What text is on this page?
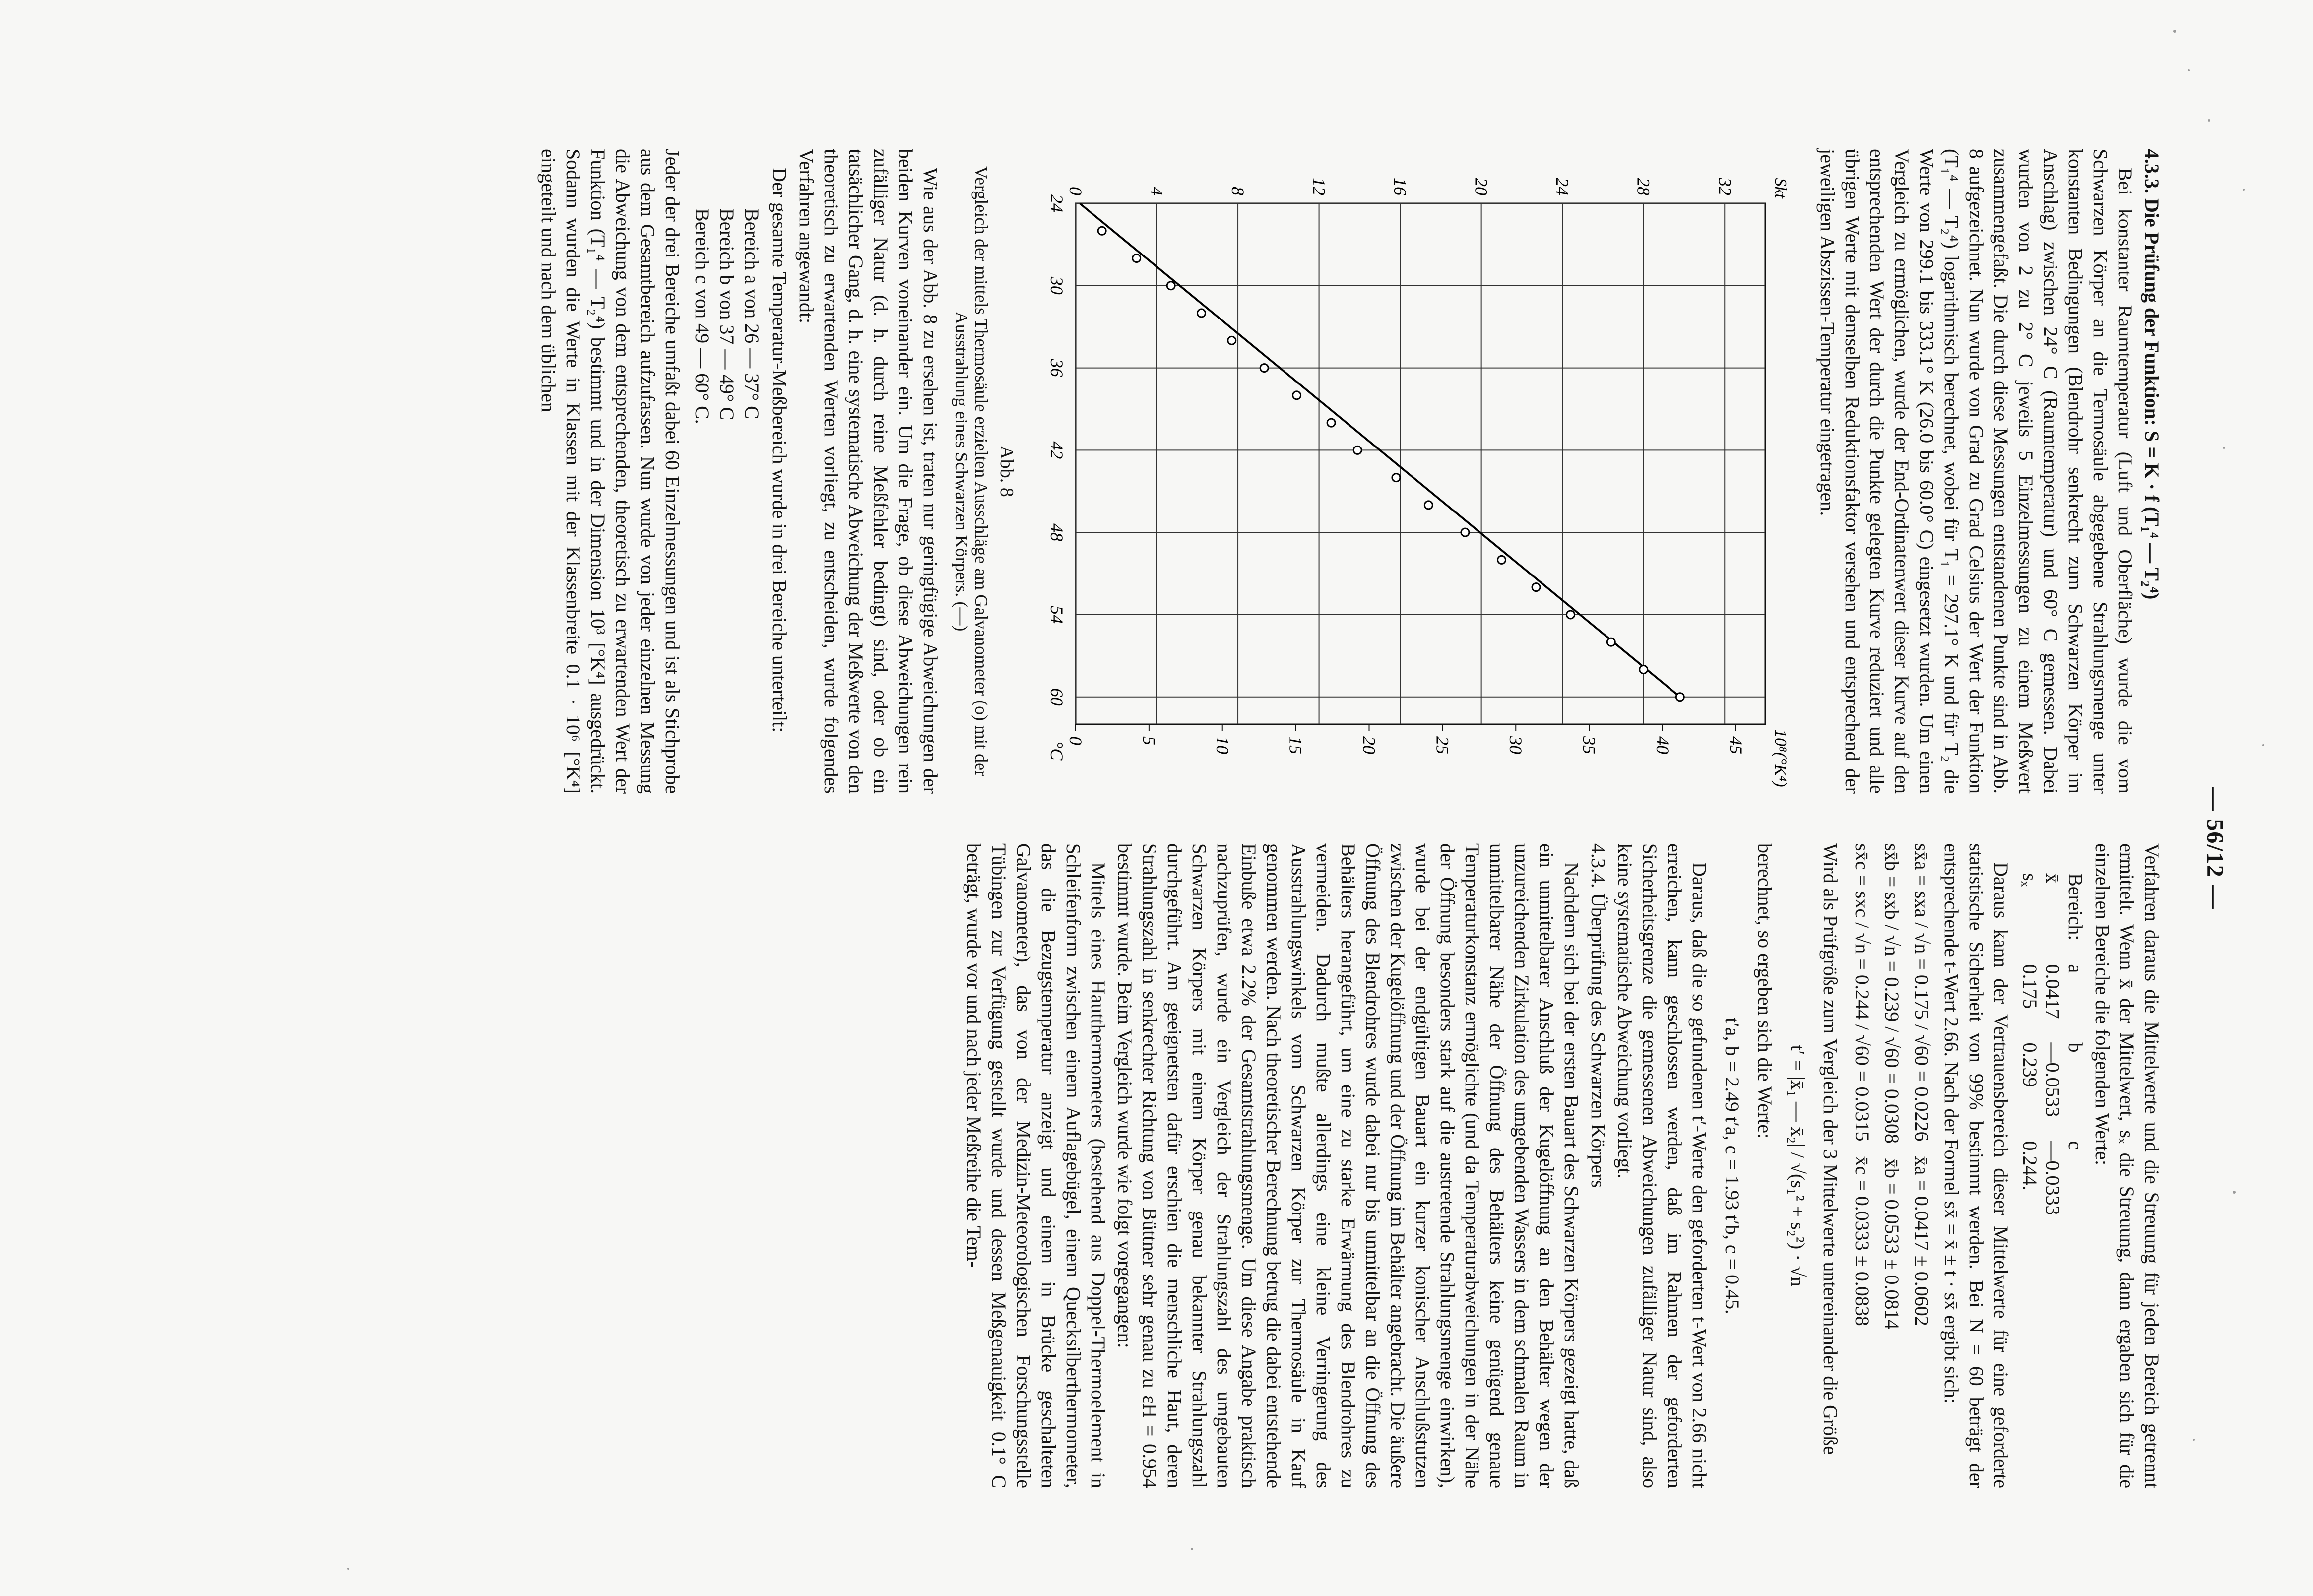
— 56/12 —

4.3.3. Die Prüfung der Funktion: S = K · f (T₁⁴ — T₂⁴)

Bei konstanter Raumtemperatur (Luft und Oberfläche) wurde die vom Schwarzen Körper an die Termosäule abgegebene Strahlungsmenge unter konstanten Bedingungen (Blendrohr senkrecht zum Schwarzen Körper im Anschlag) zwischen 24° C (Raumtemperatur) und 60° C gemessen. Dabei wurden von 2 zu 2° C jeweils 5 Einzelmessungen zu einem Meßwert zusammengefaßt. Die durch diese Messungen entstandenen Punkte sind in Abb. 8 aufgezeichnet. Nun wurde von Grad zu Grad Celsius der Wert der Funktion (T₁⁴ — T₂⁴) logarithmisch berechnet, wobei für T₁ = 297.1° K und für T₂ die Werte von 299.1 bis 333.1° K (26.0 bis 60.0° C) eingesetzt wurden. Um einen Vergleich zu ermöglichen, wurde der End-Ordinatenwert dieser Kurve auf den entsprechenden Wert der durch die Punkte gelegten Kurve reduziert und alle übrigen Werte mit demselben Reduktionsfaktor versehen und entsprechend der jeweiligen Abszissen-Temperatur eingetragen.

24
30
36
42
48
54
60
0	4	8	12	16	20	24	28	32
0	5	10	15	20	25	30	35	40	45
Skt
10⁸(°K⁴)
°C
Abb. 8
Vergleich der mittels Thermosäule erzielten Ausschläge am Galvanometer (o) mit der Ausstrahlung eines Schwarzen Körpers. (—)

Wie aus der Abb. 8 zu ersehen ist, traten nur geringfügige Abweichungen der beiden Kurven voneinander ein. Um die Frage, ob diese Abweichungen rein zufälliger Natur (d. h. durch reine Meßfehler bedingt) sind, oder ob ein tatsächlicher Gang, d. h. eine systematische Abweichung der Meßwerte von den theoretisch zu erwartenden Werten vorliegt, zu entscheiden, wurde folgendes Verfahren angewandt:

Der gesamte Temperatur-Meßbereich wurde in drei Bereiche unterteilt:

Bereich a von 26 — 37° C
Bereich b von 37 — 49° C
Bereich c von 49 — 60° C.

Jeder der drei Bereiche umfaßt dabei 60 Einzelmessungen und ist als Stichprobe aus dem Gesamtbereich aufzufassen. Nun wurde von jeder einzelnen Messung die Abweichung von dem entsprechenden, theoretisch zu erwartenden Wert der Funktion (T₁⁴ — T₂⁴) bestimmt und in der Dimension 10³ [°K⁴] ausgedrückt. Sodann wurden die Werte in Klassen mit der Klassenbreite 0.1 · 10⁶ [°K⁴] eingeteilt und nach dem üblichen

Verfahren daraus die Mittelwerte und die Streuung für jeden Bereich getrennt ermittelt. Wenn x̄ der Mittelwert, sₓ die Streuung, dann ergaben sich für die einzelnen Bereiche die folgenden Werte:

Bereich:	a	b	c
x̄	0.0417	—0.0533	—0.0333
sₓ	0.175	0.239	0.244.

Daraus kann der Vertrauensbereich dieser Mittelwerte für eine geforderte statistische Sicherheit von 99% bestimmt werden. Bei N = 60 beträgt der entsprechende t-Wert 2.66. Nach der Formel sx̄ = x̄ ± t · sx̄ ergibt sich:

sx̄a = sxa / √n = 0.175 / √60 = 0.0226   x̄a = 0.0417 ± 0.0602
sx̄b = sxb / √n = 0.239 / √60 = 0.0308   x̄b = 0.0533 ± 0.0814
sx̄c = sxc / √n = 0.244 / √60 = 0.0315   x̄c = 0.0333 ± 0.0838

Wird als Prüfgröße zum Vergleich der 3 Mittelwerte untereinander die Größe

t′ = |x̄₁ — x̄₂| / √(s₁² + s₂²) · √n

berechnet, so ergeben sich die Werte:

t′a, b = 2.49 t′a, c = 1.93 t′b, c = 0.45.

Daraus, daß die so gefundenen t′-Werte den geforderten t-Wert von 2.66 nicht erreichen, kann geschlossen werden, daß im Rahmen der geforderten Sicherheitsgrenze die gemessenen Abweichungen zufälliger Natur sind, also keine systematische Abweichung vorliegt.

4.3.4. Überprüfung des Schwarzen Körpers

Nachdem sich bei der ersten Bauart des Schwarzen Körpers gezeigt hatte, daß ein unmittelbarer Anschluß der Kugelöffnung an den Behälter wegen der unzureichenden Zirkulation des umgebenden Wassers in dem schmalen Raum in unmittelbarer Nähe der Öffnung des Behälters keine genügend genaue Temperaturkonstanz ermöglichte (und da Temperaturabweichungen in der Nähe der Öffnung besonders stark auf die austretende Strahlungsmenge einwirken), wurde bei der endgültigen Bauart ein kurzer konischer Anschlußstutzen zwischen der Kugelöffnung und der Öffnung im Behälter angebracht. Die äußere Öffnung des Blendrohres wurde dabei nur bis unmittelbar an die Öffnung des Behälters herangeführt, um eine zu starke Erwärmung des Blendrohres zu vermeiden. Dadurch mußte allerdings eine kleine Verringerung des Ausstrahlungswinkels vom Schwarzen Körper zur Thermosäule in Kauf genommen werden. Nach theoretischer Berechnung betrug die dabei entstehende Einbuße etwa 2.2% der Gesamtstrahlungsmenge. Um diese Angabe praktisch nachzuprüfen, wurde ein Vergleich der Strahlungszahl des umgebauten Schwarzen Körpers mit einem Körper genau bekannter Strahlungszahl durchgeführt. Am geeignetsten dafür erschien die menschliche Haut, deren Strahlungszahl in senkrechter Richtung von Büttner sehr genau zu εH = 0.954 bestimmt wurde. Beim Vergleich wurde wie folgt vorgegangen:

Mittels eines Hautthermometers (bestehend aus Doppel-Thermoelement in Schleifenform zwischen einem Auflagebügel, einem Quecksilberthermometer, das die Bezugstemperatur anzeigt und einem in Brücke geschalteten Galvanometer), das von der Medizin-Meteorologischen Forschungsstelle Tübingen zur Verfügung gestellt wurde und dessen Meßgenauigkeit 0.1° C beträgt, wurde vor und nach jeder Meßreihe die Tem-
